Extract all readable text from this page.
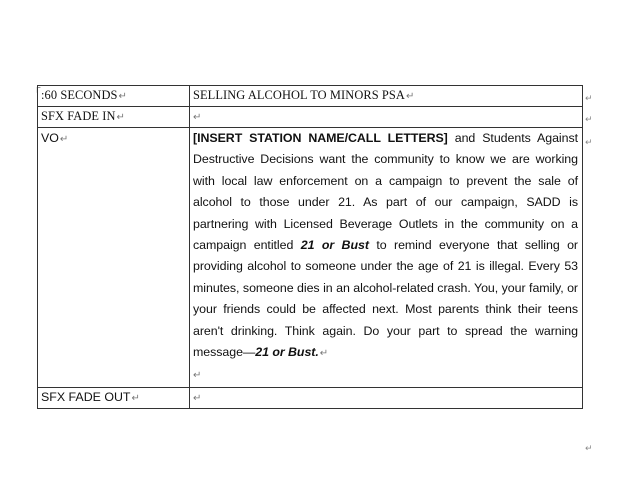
┌
:60 SECONDS↵	SELLING ALCOHOL TO MINORS PSA↵
SFX FADE IN↵	↵
VO↵	[INSERT STATION NAME/CALL LETTERS] and Students Against Destructive Decisions want the community to know we are working with local law enforcement on a campaign to prevent the sale of alcohol to those under 21. As part of our campaign, SADD is partnering with Licensed Beverage Outlets in the community on a campaign entitled 21 or Bust to remind everyone that selling or providing alcohol to someone under the age of 21 is illegal. Every 53 minutes, someone dies in an alcohol-related crash. You, your family, or your friends could be affected next. Most parents think their teens aren't drinking. Think again. Do your part to spread the warning message—21 or Bust.↵
↵

SFX FADE OUT↵	↵
↵
↵
↵
↵
